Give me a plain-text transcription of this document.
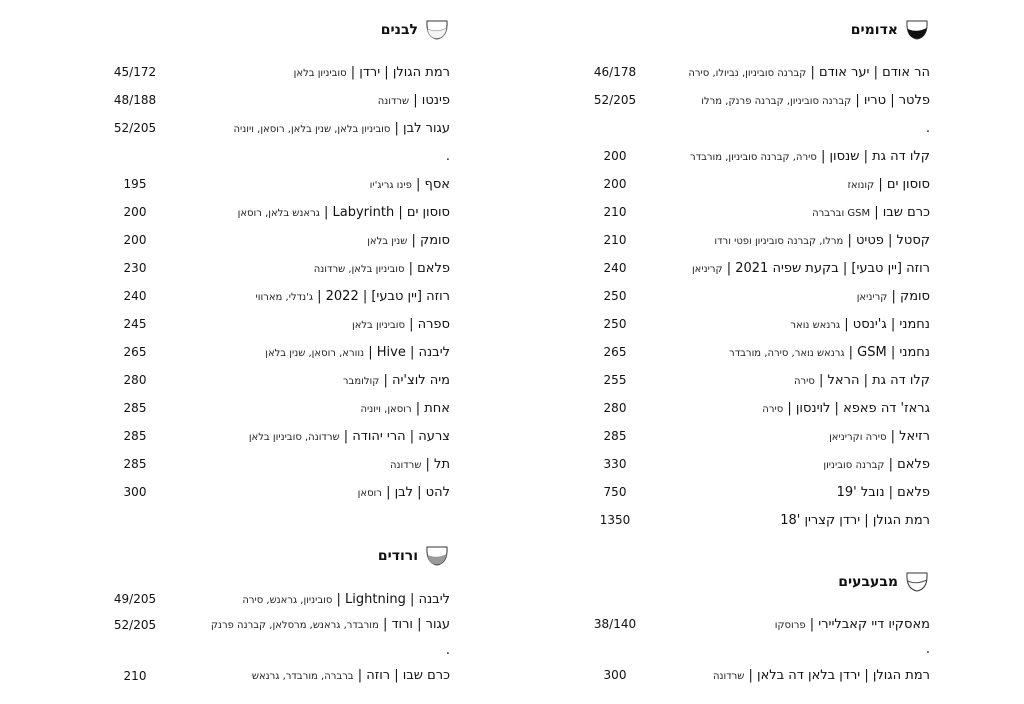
אדומים
46/178	הר אודם | יער אודם | קברנה סוביניון, נביולו, סירה
52/205	פלטר | טריו | קברנה סוביניון, קברנה פרנק, מרלו
.
200	קלו דה גת | שנסון | סירה, קברנה סוביניון, מורבדר
200	סוסון ים | קונואז
210	כרם שבו | GSM וברברה
210	קסטל | פטיט | מרלו, קברנה סוביניון ופטי ורדו
240	רוזה [יין טבעי] | בקעת שפיה 2021 | קריניאן
250	סומק | קריניאן
250	נחמני | ג'ינסט | גרנאש נואר
265	נחמני | GSM | גרנאש נואר, סירה, מורבדר
255	קלו דה גת | הראל | סירה
280	גראז' דה פאפא | לוינסון | סירה
285	רזיאל | סירה וקריניאן
330	פלאם | קברנה סוביניון
750	פלאם | נובל '19
1350	רמת הגולן | ירדן קצרין '18
מבעבעים
38/140	מאסקיו דיי קאבליירי | פרוסקו
.
300	רמת הגולן | ירדן בלאן דה בלאן | שרדונה
לבנים
45/172	רמת הגולן | ירדן | סוביניון בלאן
48/188	פינטו | שרדונה
52/205	עגור לבן | סוביניון בלאן, שנין בלאן, רוסאן, ויוניה
.
195	אסף | פינו גריג'יו
200	סוסון ים | Labyrinth | גראנש בלאן, רוסאן
200	סומק | שנין בלאן
230	פלאם | סוביניון בלאן, שרדונה
240	רוזה [יין טבעי] | 2022 | ג'נדלי, מארווי
245	ספרה | סוביניון בלאן
265	ליבנה | Hive | נוורא, רוסאן, שנין בלאן
280	מיה לוצ'יה | קולומבר
285	אחת | רוסאן, ויוניה
285	צרעה | הרי יהודה | שרדונה, סוביניון בלאן
285	תל | שרדונה
300	להט | לבן | רוסאן
ורודים
49/205	ליבנה | Lightning | סוביניון, גראנש, סירה
52/205	עגור | ורוד | מורבדר, גראנש, מרסלאן, קברנה פרנק
.
210	כרם שבו | רוזה | ברברה, מורבדר, גרנאש
